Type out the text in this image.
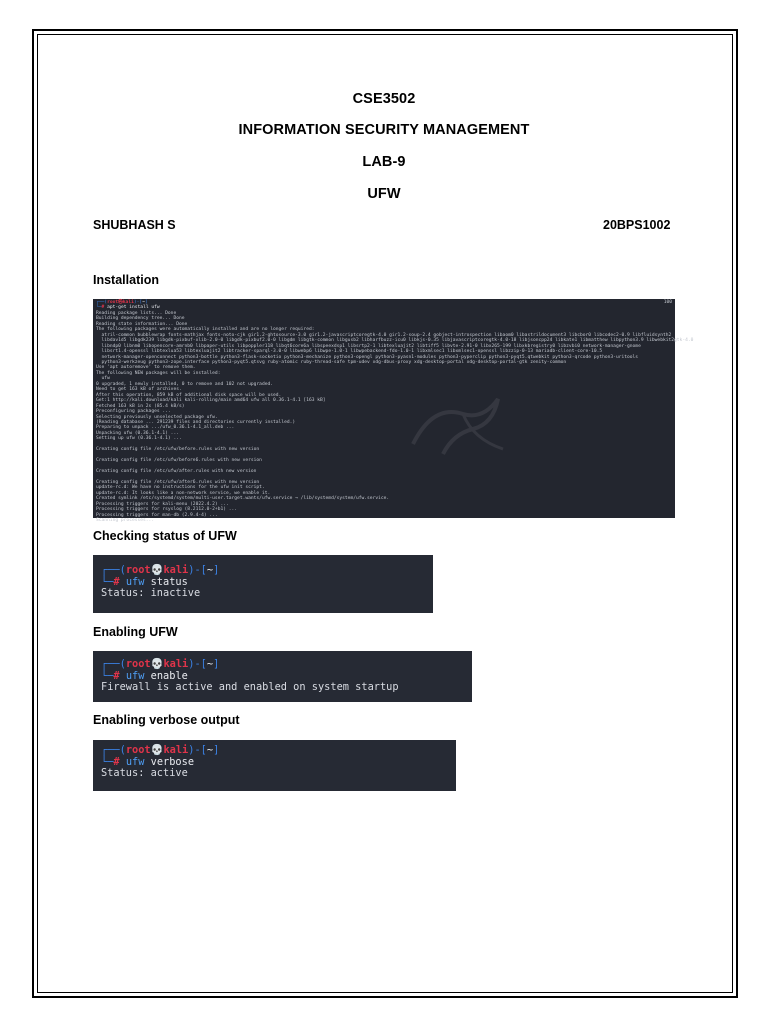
CSE3502
INFORMATION SECURITY MANAGEMENT
LAB-9
UFW
SHUBHASH S	20BPS1002
Installation
┌──(root㉿kali)-[~]	100
└─# apt-get install ufw
Reading package lists... Done
Building dependency tree... Done
Reading state information... Done
The following packages were automatically installed and are no longer required:
atril-common bubblewrap fonts-mathjax fonts-noto-cjk gir1.2-ghtosource-3.0 gir1.2-javascriptcoregtk-4.0 gir1.2-soup-2.4 gobject-introspection libaom0 libastrildocument3 libcbor0 libcodec2-0.9 libfluidsynth2
libdav1d5 libgdk239 libgdk-pixbuf-xlib-2.0-0 libgdk-pixbuf2.0-0 libgdm libgtk-common libgusb2 libharfbuzz-icu0 libkjs-0.35 libjavascriptcoregtk-4.0-18 libjsoncpp24 libkate1 libmatthew libpython3.9 libwebkit2gtk-4.0
libndp0 libnm0 libopencore-amrnb0 libpaper-utils libpoppler118 libqt6core6a libspeexdsp1 libsrtp2-1 libtexluajit2 libtiff5 libvte-2.91-0 libx265-199 libxkbregistry0 libzvbi0 network-manager-gnome
libsrt1.4-openssl libtexlua53 libtexluajit2 libtracker-sparql-3.0-0 libwebp6 libwpe-1.0-1 libwpebackend-fdo-1.0-1 libxmlsec1 libxmlsec1-openssl libzzip-0-13 mariadb-client-core-10.5
network-manager-openconnect python3-bottle python3-flask-socketio python3-mechanize python3-opengl python3-pyasn1-modules python3-pyperclip python3-pyqt5.qtwebkit python3-qrcode python3-uritools
python3-werkzeug python3-zope.interface python3-pyqt5.qtsvg ruby-atomic ruby-thread-safe tpm-udev xdg-dbus-proxy xdg-desktop-portal xdg-desktop-portal-gtk zenity-common
Use 'apt autoremove' to remove them.
The following NEW packages will be installed:
ufw
0 upgraded, 1 newly installed, 0 to remove and 102 not upgraded.
Need to get 163 kB of archives.
After this operation, 859 kB of additional disk space will be used.
Get:1 http://kali.download/kali kali-rolling/main amd64 ufw all 0.36.1-4.1 [163 kB]
Fetched 163 kB in 2s (85.4 kB/s)
Preconfiguring packages ...
Selecting previously unselected package ufw.
(Reading database ... 291239 files and directories currently installed.)
Preparing to unpack .../ufw_0.36.1-4.1_all.deb ...
Unpacking ufw (0.36.1-4.1) ...
Setting up ufw (0.36.1-4.1) ...

Creating config file /etc/ufw/before.rules with new version

Creating config file /etc/ufw/before6.rules with new version

Creating config file /etc/ufw/after.rules with new version

Creating config file /etc/ufw/after6.rules with new version
update-rc.d: We have no instructions for the ufw init script.
update-rc.d: It looks like a non-network service, we enable it.
Created symlink /etc/systemd/system/multi-user.target.wants/ufw.service → /lib/systemd/system/ufw.service.
Processing triggers for kali-menu (2022.4.2) ...
Processing triggers for rsyslog (8.2112.0-2+b1) ...
Processing triggers for man-db (2.9.4-4) ...
Scanning processes...
Checking status of UFW
┌──(root💀kali)-[~]
└─# ufw status
Status: inactive
Enabling UFW
┌──(root💀kali)-[~]
└─# ufw enable
Firewall is active and enabled on system startup
Enabling verbose output
┌──(root💀kali)-[~]
└─# ufw verbose
Status: active
